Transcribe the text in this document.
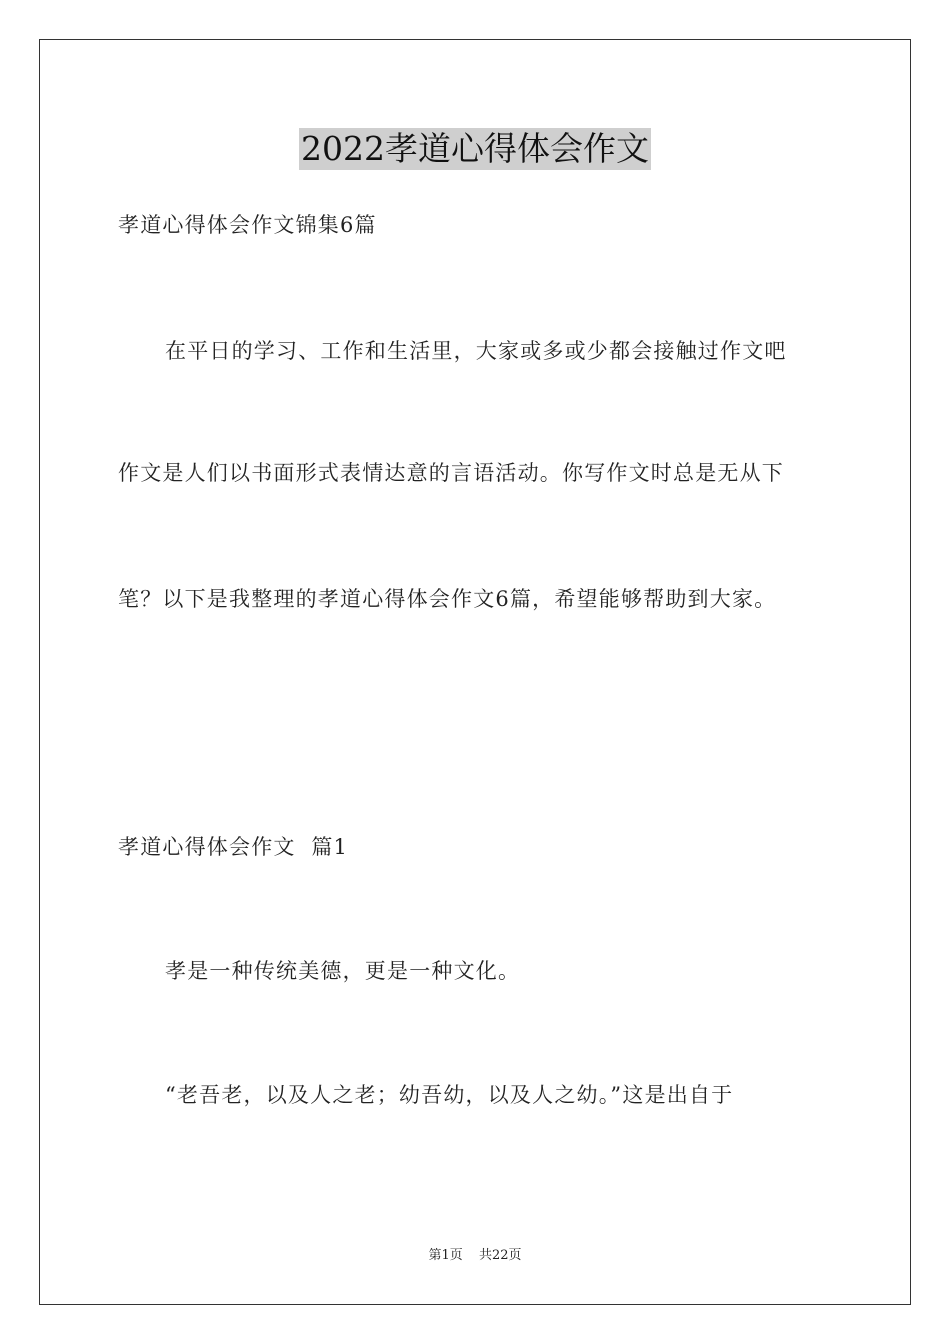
2022孝道心得体会作文
孝道心得体会作文锦集6篇
在平日的学习、工作和生活里，大家或多或少都会接触过作文吧
作文是人们以书面形式表情达意的言语活动。你写作文时总是无从下
笔？以下是我整理的孝道心得体会作文6篇，希望能够帮助到大家。
孝道心得体会作文  篇1
孝是一种传统美德，更是一种文化。
“老吾老，以及人之老；幼吾幼，以及人之幼。”这是出自于
第1页 共22页
